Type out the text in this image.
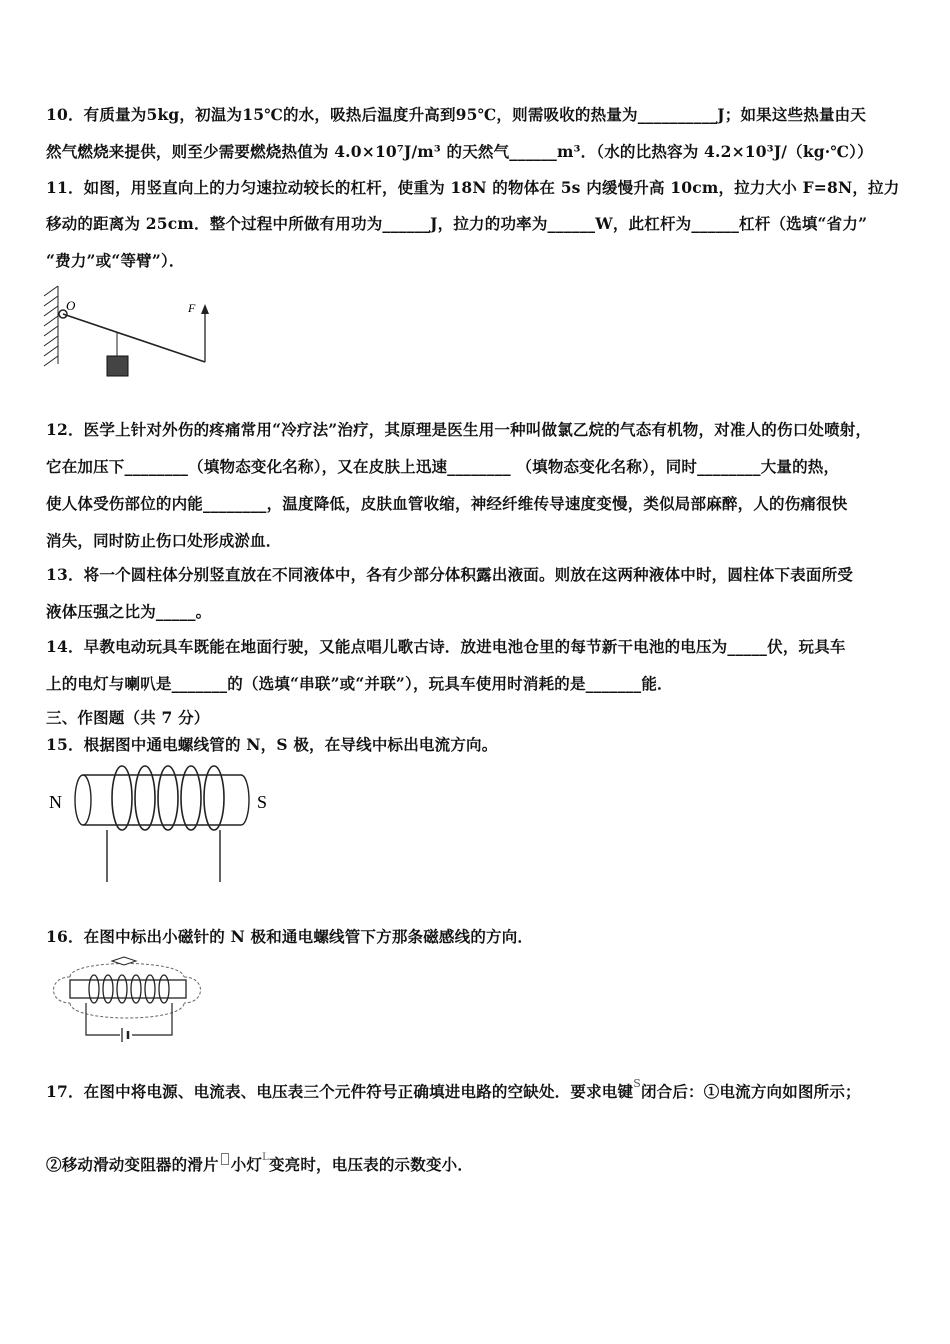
10．有质量为5kg，初温为15℃的水，吸热后温度升高到95℃，则需吸收的热量为__________J；如果这些热量由天
然气燃烧来提供，则至少需要燃烧热值为 4.0×10⁷J/m³ 的天然气______m³．（水的比热容为 4.2×10³J/（kg·℃））
11．如图，用竖直向上的力匀速拉动较长的杠杆，使重为 18N 的物体在 5s 内缓慢升高 10cm，拉力大小 F=8N，拉力
移动的距离为 25cm．整个过程中所做有用功为______J，拉力的功率为______W，此杠杆为______杠杆（选填“省力”
“费力”或“等臂”）．
O	F
12．医学上针对外伤的疼痛常用“冷疗法”治疗，其原理是医生用一种叫做氯乙烷的气态有机物，对准人的伤口处喷射，
它在加压下________（填物态变化名称），又在皮肤上迅速________ （填物态变化名称），同时________大量的热，
使人体受伤部位的内能________，温度降低，皮肤血管收缩，神经纤维传导速度变慢，类似局部麻醉，人的伤痛很快
消失，同时防止伤口处形成淤血．
13．将一个圆柱体分别竖直放在不同液体中，各有少部分体积露出液面。则放在这两种液体中时，圆柱体下表面所受
液体压强之比为_____。
14．早教电动玩具车既能在地面行驶，又能点唱儿歌古诗．放进电池仓里的每节新干电池的电压为_____伏，玩具车
上的电灯与喇叭是_______的（选填“串联”或“并联”），玩具车使用时消耗的是_______能．
三、作图题（共 7 分）
15．根据图中通电螺线管的 N，S 极，在导线中标出电流方向。
N	S
16．在图中标出小磁针的 N 极和通电螺线管下方那条磁感线的方向．
17．在图中将电源、电流表、电压表三个元件符号正确填进电路的空缺处．要求电键$^S$闭合后：①电流方向如图所示；
②移动滑动变阻器的滑片 小灯$^L$变亮时，电压表的示数变小．
